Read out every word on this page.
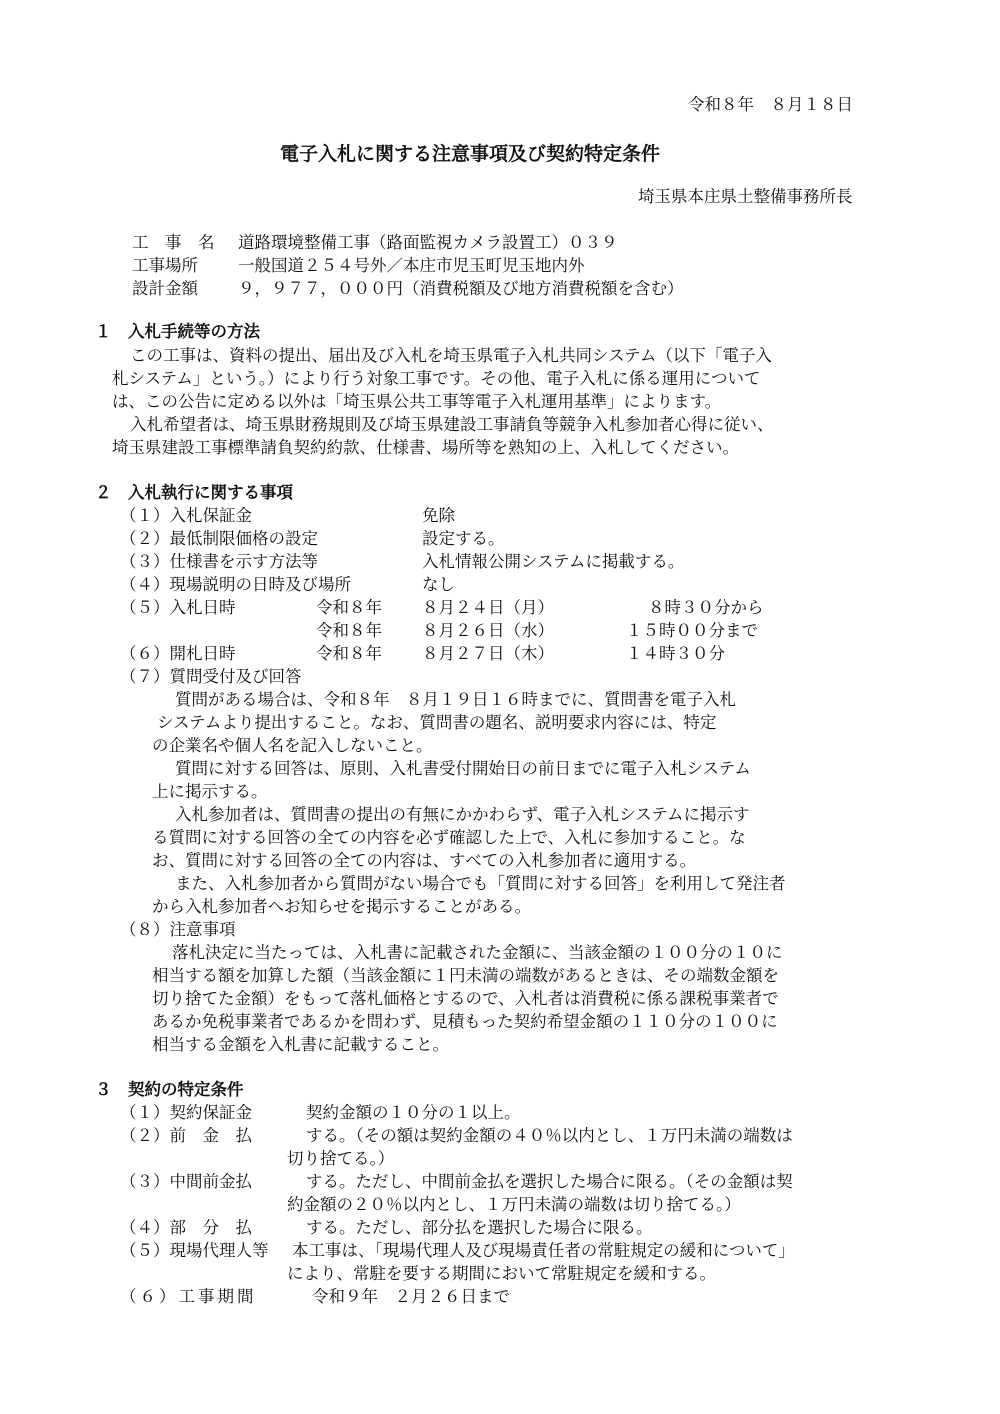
令和８年　８月１８日
電子入札に関する注意事項及び契約特定条件
埼玉県本庄県土整備事務所長
工　事　名 道路環境整備工事（路面監視カメラ設置工）０３９
工事場所 一般国道２５４号外／本庄市児玉町児玉地内外
設計金額 ９，９７７，０００円（消費税額及び地方消費税額を含む）
１　入札手続等の方法
この工事は、資料の提出、届出及び入札を埼玉県電子入札共同システム（以下「電子入
札システム」という。）により行う対象工事です。その他、電子入札に係る運用について
は、この公告に定める以外は「埼玉県公共工事等電子入札運用基準」によります。
入札希望者は、埼玉県財務規則及び埼玉県建設工事請負等競争入札参加者心得に従い、
埼玉県建設工事標準請負契約約款、仕様書、場所等を熟知の上、入札してください。
２　入札執行に関する事項
（１）入札保証金	免除
（２）最低制限価格の設定	設定する。
（３）仕様書を示す方法等	入札情報公開システムに掲載する。
（４）現場説明の日時及び場所	なし
（５）入札日時	令和８年 ８月２４日（月）	８時３０分から
令和８年 ８月２６日（水）	１５時００分まで
（６）開札日時	令和８年 ８月２７日（木）	１４時３０分
（７）質問受付及び回答
質問がある場合は、令和８年　８月１９日１６時までに、質問書を電子入札
システムより提出すること。なお、質問書の題名、説明要求内容には、特定
の企業名や個人名を記入しないこと。
質問に対する回答は、原則、入札書受付開始日の前日までに電子入札システム
上に掲示する。
入札参加者は、質問書の提出の有無にかかわらず、電子入札システムに掲示す
る質問に対する回答の全ての内容を必ず確認した上で、入札に参加すること。な
お、質問に対する回答の全ての内容は、すべての入札参加者に適用する。
また、入札参加者から質問がない場合でも「質問に対する回答」を利用して発注者
から入札参加者へお知らせを掲示することがある。
（８）注意事項
落札決定に当たっては、入札書に記載された金額に、当該金額の１００分の１０に
相当する額を加算した額（当該金額に１円未満の端数があるときは、その端数金額を
切り捨てた金額）をもって落札価格とするので、入札者は消費税に係る課税事業者で
あるか免税事業者であるかを問わず、見積もった契約希望金額の１１０分の１００に
相当する金額を入札書に記載すること。
３　契約の特定条件
（１）契約保証金	契約金額の１０分の１以上。
（２）前　金　払	する。（その額は契約金額の４０％以内とし、１万円未満の端数は
切り捨てる。）
（３）中間前金払	する。ただし、中間前金払を選択した場合に限る。（その金額は契
約金額の２０％以内とし、１万円未満の端数は切り捨てる。）
（４）部　分　払	する。ただし、部分払を選択した場合に限る。
（５）現場代理人等 本工事は、「現場代理人及び現場責任者の常駐規定の緩和について」
により、常駐を要する期間において常駐規定を緩和する。
（６）工事期間	令和９年　２月２６日まで
